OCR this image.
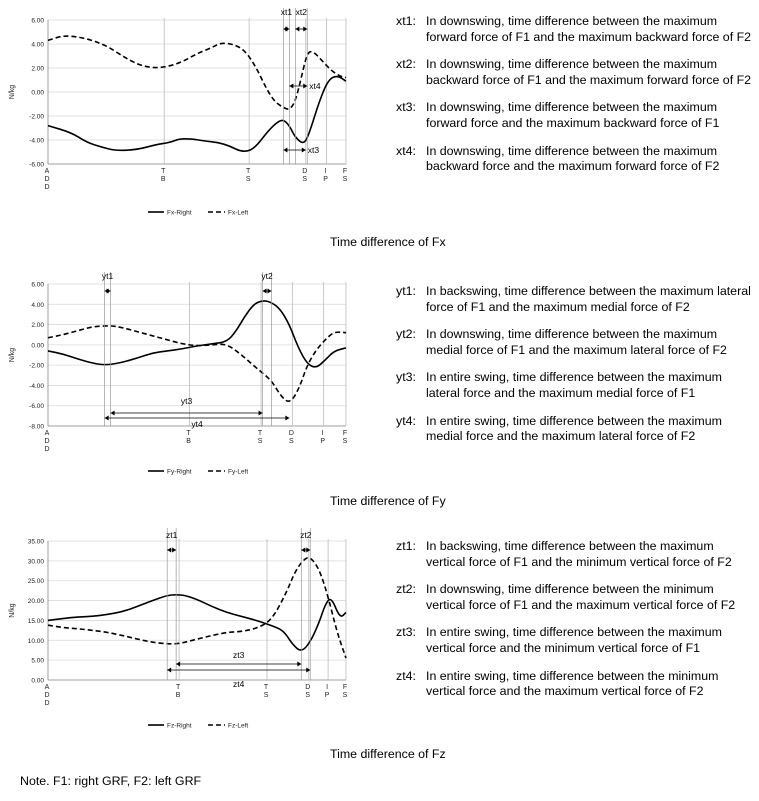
6.00
4.00
2.00
0.00
-2.00
-4.00
-6.00
N/kg
A
D
D
T
B
T
S
D
S
I
P
F
S
xt1 xt2
xt3
xt4
Fx-Right	Fx-Left
xt1: In downswing, time difference between the maximum forward force of F1 and the maximum backward force of F2
xt2: In downswing, time difference between the maximum backward force of F1 and the maximum forward force of F2
xt3: In downswing, time difference between the maximum forward force and the maximum backward force of F1
xt4: In downswing, time difference between the maximum backward force and the maximum forward force of F2
Time difference of Fx
6.00
4.00
2.00
0.00
-2.00
-4.00
-6.00
-8.00
N/kg
A
D
D
T
B
T
S
D
S
I
P
F
S
yt1	yt2
yt3
yt4
Fy-Right	Fy-Left
yt1: In backswing, time difference between the maximum lateral force of F1 and the maximum medial force of F2
yt2: In downswing, time difference between the maximum medial force of F1 and the maximum lateral force of F2
yt3: In entire swing, time difference between the maximum lateral force and the maximum medial force of F1
yt4: In entire swing, time difference between the maximum medial force and the maximum lateral force of F2
Time difference of Fy
35.00
30.00
25.00
20.00
15.00
10.00
5.00
0.00
N/kg
A
D
D
T
B
T
S
D
S
I
P
F
S
zt1	zt2
zt3
zt4
Fz-Right	Fz-Left
zt1: In backswing, time difference between the maximum vertical force of F1 and the minimum vertical force of F2
zt2: In downswing, time difference between the minimum vertical force of F1 and the maximum vertical force of F2
zt3: In entire swing, time difference between the maximum vertical force and the minimum vertical force of F1
zt4: In entire swing, time difference between the minimum vertical force and the maximum vertical force of F2
Time difference of Fz
Note. F1: right GRF, F2: left GRF
